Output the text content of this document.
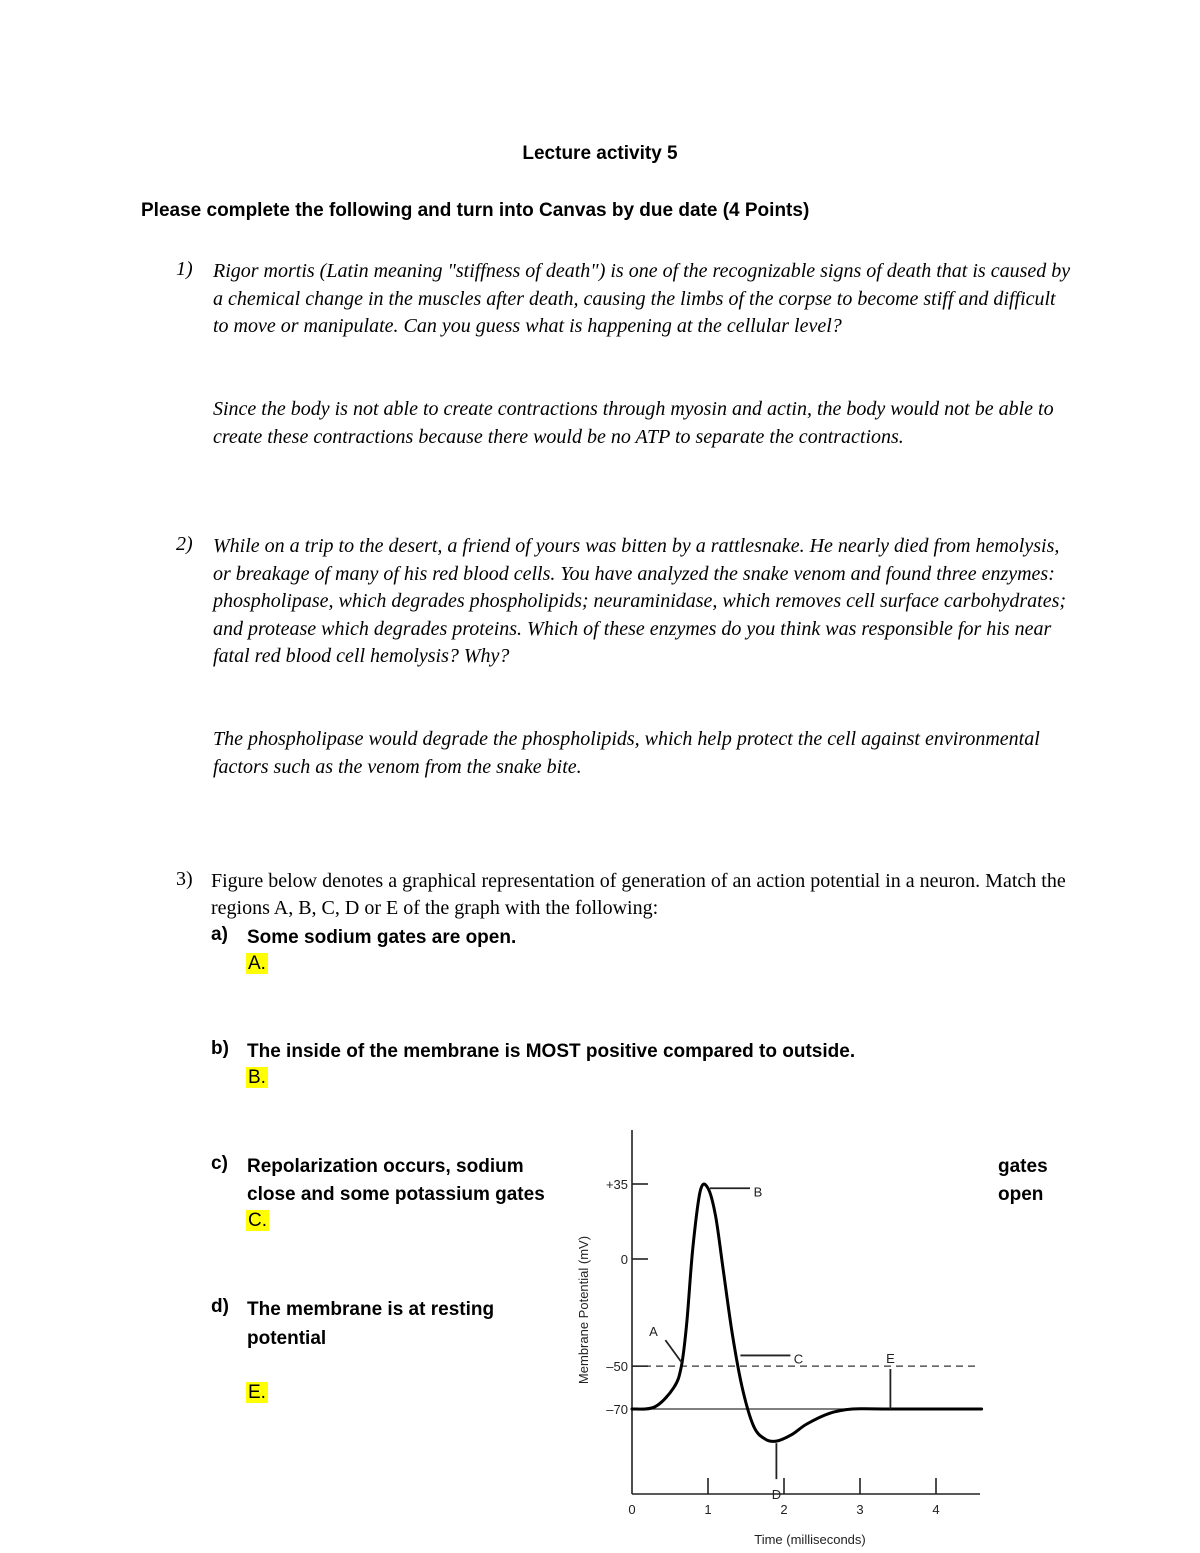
Lecture activity 5
Please complete the following and turn into Canvas by due date (4 Points)
1) Rigor mortis (Latin meaning "stiffness of death") is one of the recognizable signs of death that is caused by a chemical change in the muscles after death, causing the limbs of the corpse to become stiff and difficult to move or manipulate. Can you guess what is happening at the cellular level?
Since the body is not able to create contractions through myosin and actin, the body would not be able to create these contractions because there would be no ATP to separate the contractions.
2) While on a trip to the desert, a friend of yours was bitten by a rattlesnake. He nearly died from hemolysis, or breakage of many of his red blood cells. You have analyzed the snake venom and found three enzymes: phospholipase, which degrades phospholipids; neuraminidase, which removes cell surface carbohydrates; and protease which degrades proteins. Which of these enzymes do you think was responsible for his near fatal red blood cell hemolysis? Why?
The phospholipase would degrade the phospholipids, which help protect the cell against environmental factors such as the venom from the snake bite.
3) Figure below denotes a graphical representation of generation of an action potential in a neuron. Match the regions A, B, C, D or E of the graph with the following:
a) Some sodium gates are open.
A.
b) The inside of the membrane is MOST positive compared to outside.
B.
c) Repolarization occurs, sodium	gates
close and some potassium gates	open
C.
d) The membrane is at resting
potential
E.
+35
0
–50
–70
0	1	2	3	4
A
B
C
D
E
Time (milliseconds)
Membrane Potential (mV)
